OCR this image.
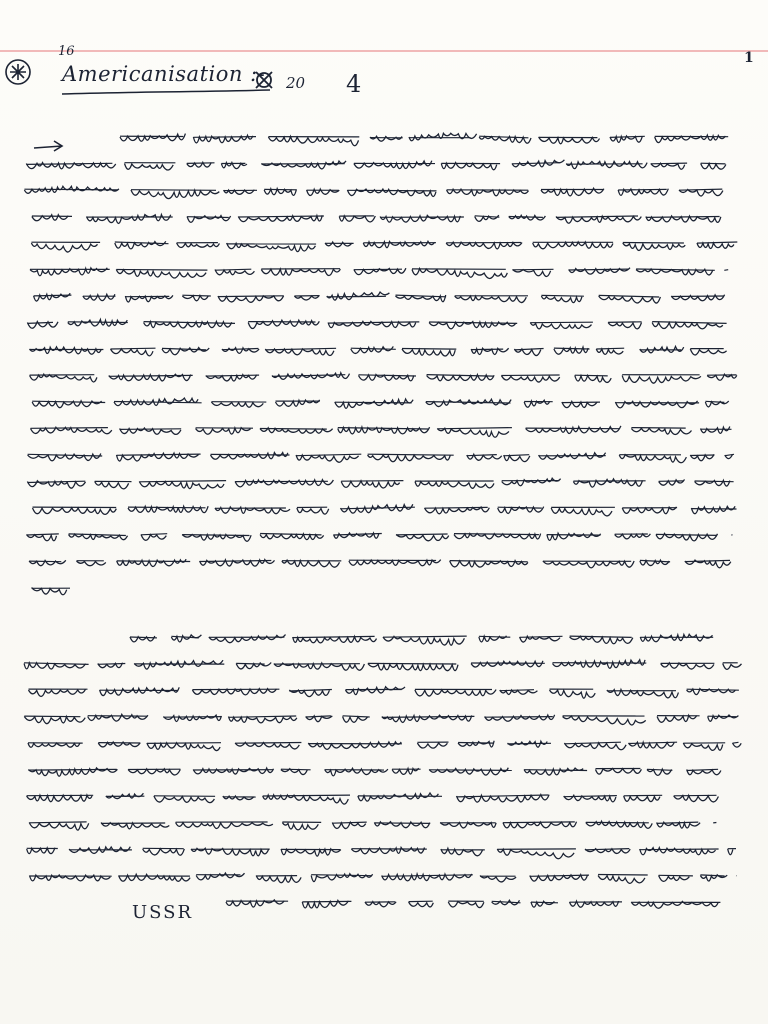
16

Americanisation :- 20 4

1

USSR
